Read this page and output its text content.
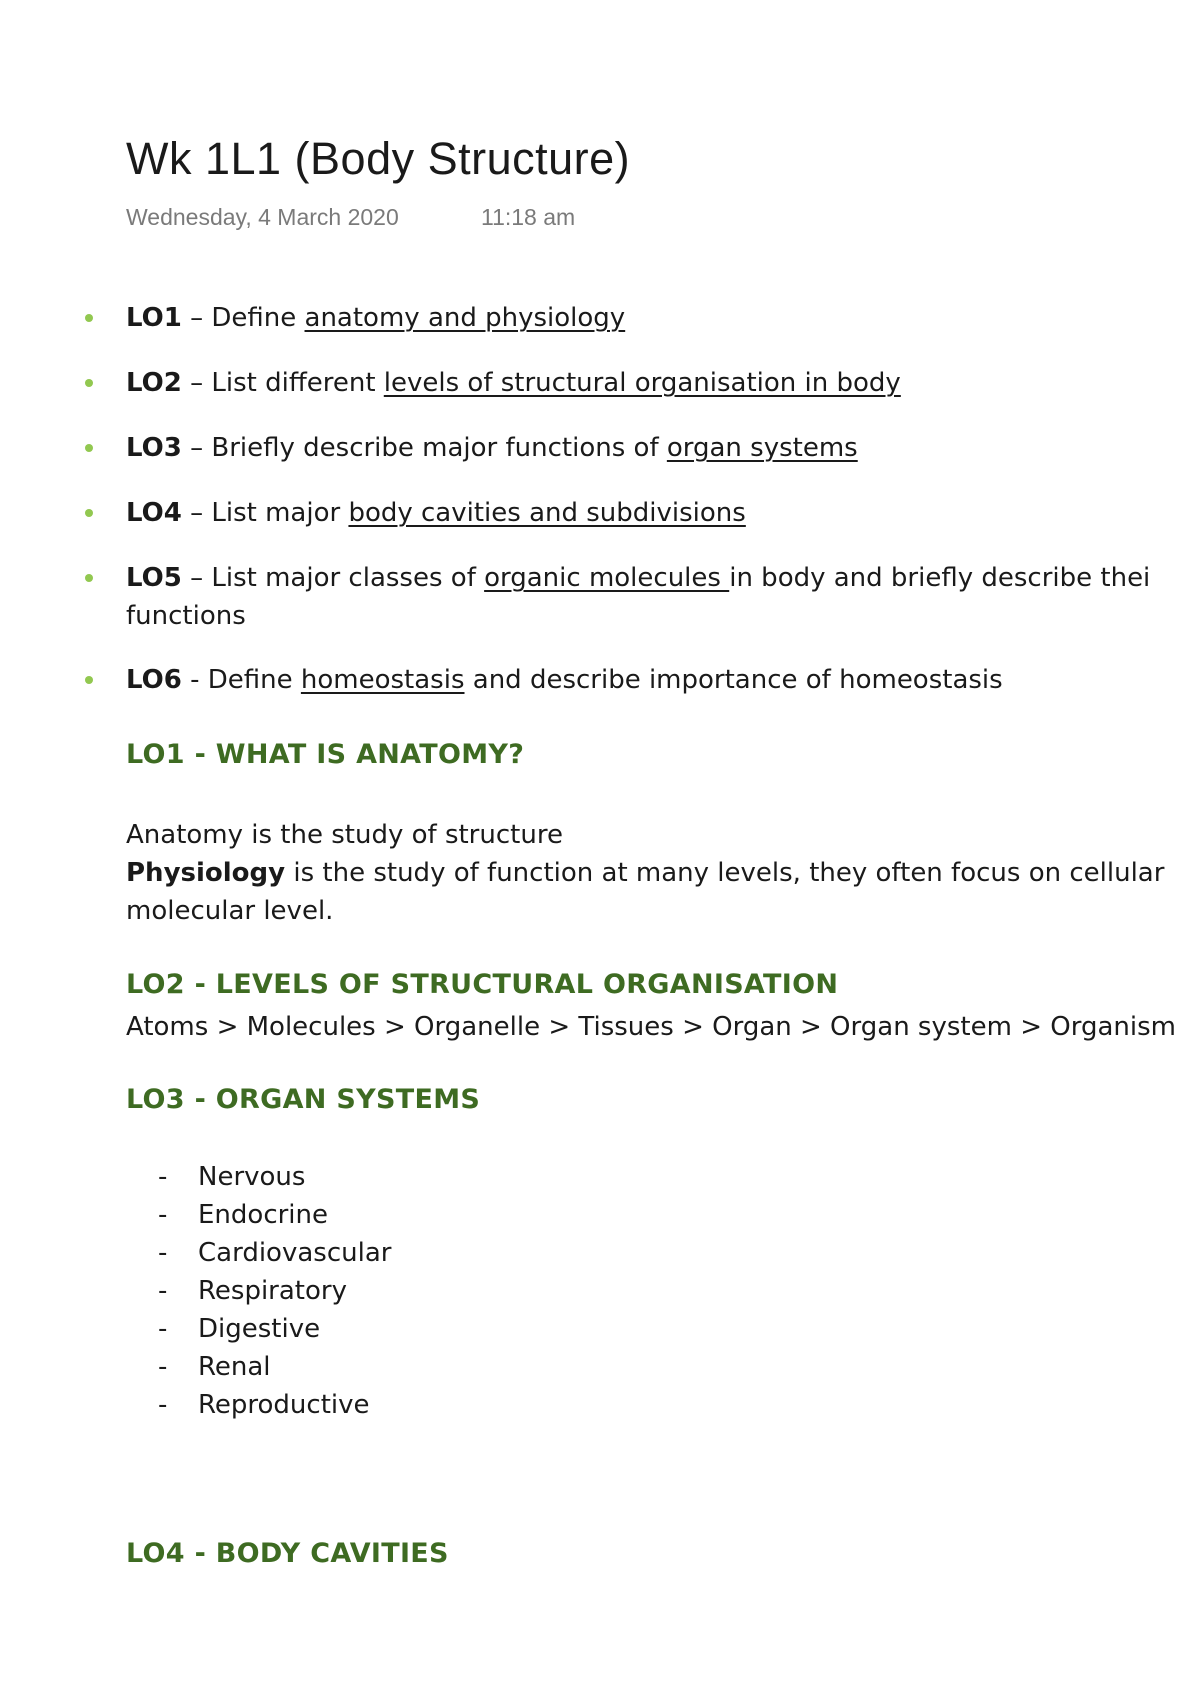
Wk 1L1 (Body Structure)
Wednesday, 4 March 2020	11:18 am
LO1 – Define anatomy and physiology
LO2 – List different levels of structural organisation in body
LO3 – Briefly describe major functions of organ systems
LO4 – List major body cavities and subdivisions
LO5 – List major classes of organic molecules in body and briefly describe thei
functions
LO6 - Define homeostasis and describe importance of homeostasis
LO1 - WHAT IS ANATOMY?
Anatomy is the study of structure
Physiology is the study of function at many levels, they often focus on cellular
molecular level.
LO2 - LEVELS OF STRUCTURAL ORGANISATION
Atoms > Molecules > Organelle > Tissues > Organ > Organ system > Organism
LO3 - ORGAN SYSTEMS
- Nervous
- Endocrine
- Cardiovascular
- Respiratory
- Digestive
- Renal
- Reproductive
LO4 - BODY CAVITIES
